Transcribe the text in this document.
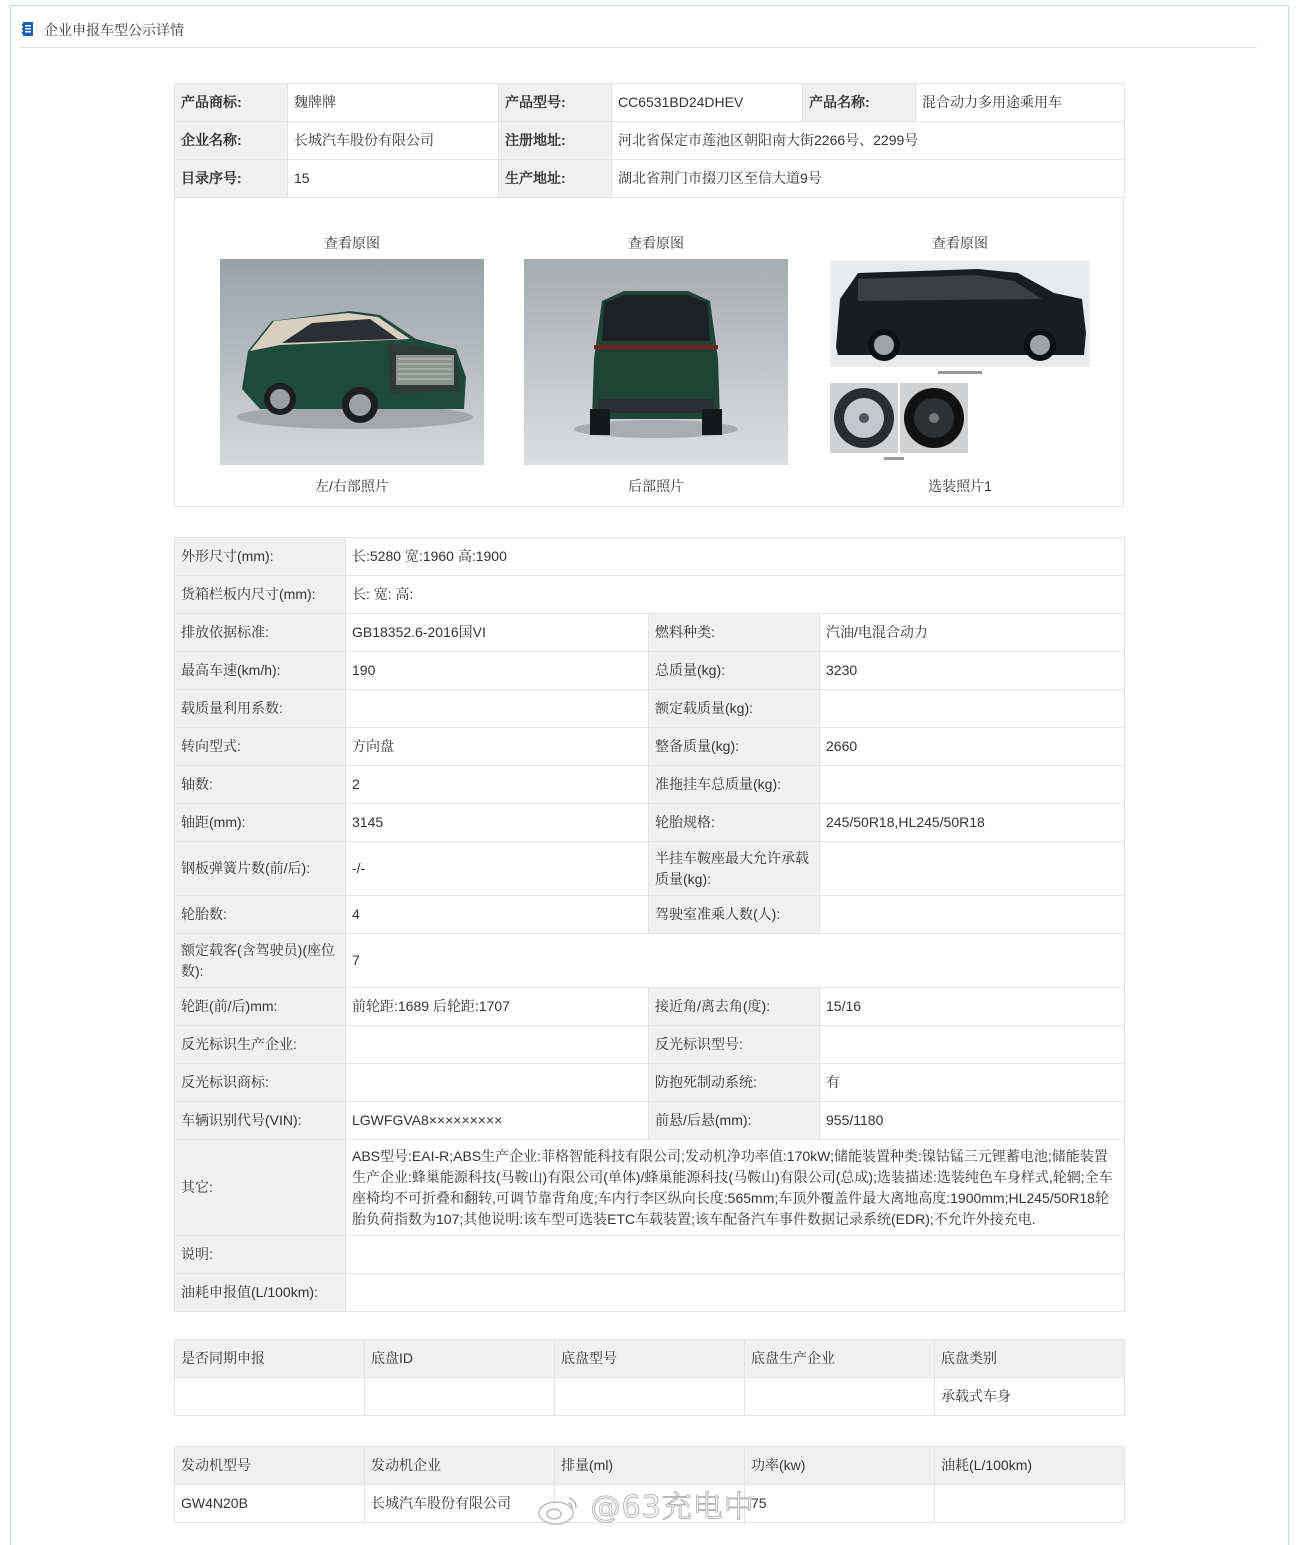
企业申报车型公示详情
产品商标:	魏牌牌	产品型号:	CC6531BD24DHEV	产品名称:	混合动力多用途乘用车
企业名称:	长城汽车股份有限公司	注册地址:	河北省保定市莲池区朝阳南大街2266号、2299号		
目录序号:	15	生产地址:	湖北省荆门市掇刀区至信大道9号		
查看原图
左/右部照片
查看原图
后部照片
查看原图
选装照片1
外形尺寸(mm):	长:5280 宽:1960 高:1900		
货箱栏板内尺寸(mm):	长: 宽: 高:		
排放依据标准:	GB18352.6-2016国VI	燃料种类:	汽油/电混合动力
最高车速(km/h):	190	总质量(kg):	3230
载质量利用系数:		额定载质量(kg):	
转向型式:	方向盘	整备质量(kg):	2660
轴数:	2	准拖挂车总质量(kg):	
轴距(mm):	3145	轮胎规格:	245/50R18,HL245/50R18
钢板弹簧片数(前/后):	-/-	半挂车鞍座最大允许承载质量(kg):	
轮胎数:	4	驾驶室准乘人数(人):	
额定载客(含驾驶员)(座位数):	7		
轮距(前/后)mm:	前轮距:1689 后轮距:1707	接近角/离去角(度):	15/16
反光标识生产企业:		反光标识型号:	
反光标识商标:		防抱死制动系统:	有
车辆识别代号(VIN):	LGWFGVA8×××××××××	前悬/后悬(mm):	955/1180
其它:	ABS型号:EAI-R;ABS生产企业:菲格智能科技有限公司;发动机净功率值:170kW;储能装置种类:镍钴锰三元锂蓄电池;储能装置生产企业:蜂巢能源科技(马鞍山)有限公司(单体)/蜂巢能源科技(马鞍山)有限公司(总成);选装描述:选装纯色车身样式,轮辋;全车座椅均不可折叠和翻转,可调节靠背角度;车内行李区纵向长度:565mm;车顶外覆盖件最大离地高度:1900mm;HL245/50R18轮胎负荷指数为107;其他说明:该车型可选装ETC车载装置;该车配备汽车事件数据记录系统(EDR);不允许外接充电.		
说明:			
油耗申报值(L/100km):			
是否同期申报	底盘ID	底盘型号	底盘生产企业	底盘类别
				承载式车身
发动机型号	发动机企业	排量(ml)	功率(kw)	油耗(L/100km)
GW4N20B	长城汽车股份有限公司		75	
@63充电中
